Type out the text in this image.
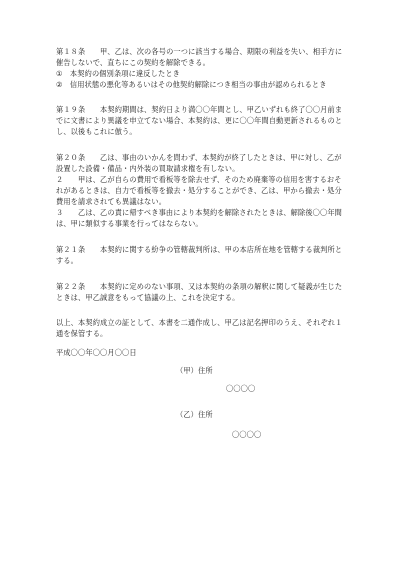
第１８条　　甲、乙は、次の各号の一つに該当する場合、期限の利益を失い、相手方に
催告しないで、直ちにこの契約を解除できる。
①　本契約の個別条項に違反したとき
②　信用状態の悪化等あるいはその他契約解除につき相当の事由が認められるとき
第１９条　　本契約期間は、契約日より満〇〇年間とし、甲乙いずれも終了〇〇月前ま
でに文書により異議を申立てない場合、本契約は、更に〇〇年間自動更新されるものと
し、以後もこれに倣う。
第２０条　　乙は、事由のいかんを問わず、本契約が終了したときは、甲に対し、乙が
設置した設備・備品・内外装の買取請求権を有しない。
２　　甲は、乙が自らの費用で看板等を除去せず、そのため廃棄等の信用を害するおそ
れがあるときは、自力で看板等を撤去・処分することができ、乙は、甲から撤去・処分
費用を請求されても異議はない。
３　　乙は、乙の責に帰すべき事由により本契約を解除されたときは、解除後〇〇年間
は、甲に類似する事業を行ってはならない。
第２１条　　本契約に関する紛争の管轄裁判所は、甲の本店所在地を管轄する裁判所と
する。
第２２条　　本契約に定めのない事項、又は本契約の条項の解釈に関して疑義が生じた
ときは、甲乙誠意をもって協議の上、これを決定する。
以上、本契約成立の証として、本書を二通作成し、甲乙は記名押印のうえ、それぞれ１
通を保管する。
平成〇〇年〇〇月〇〇日
（甲）住所
〇〇〇〇
（乙）住所
〇〇〇〇
